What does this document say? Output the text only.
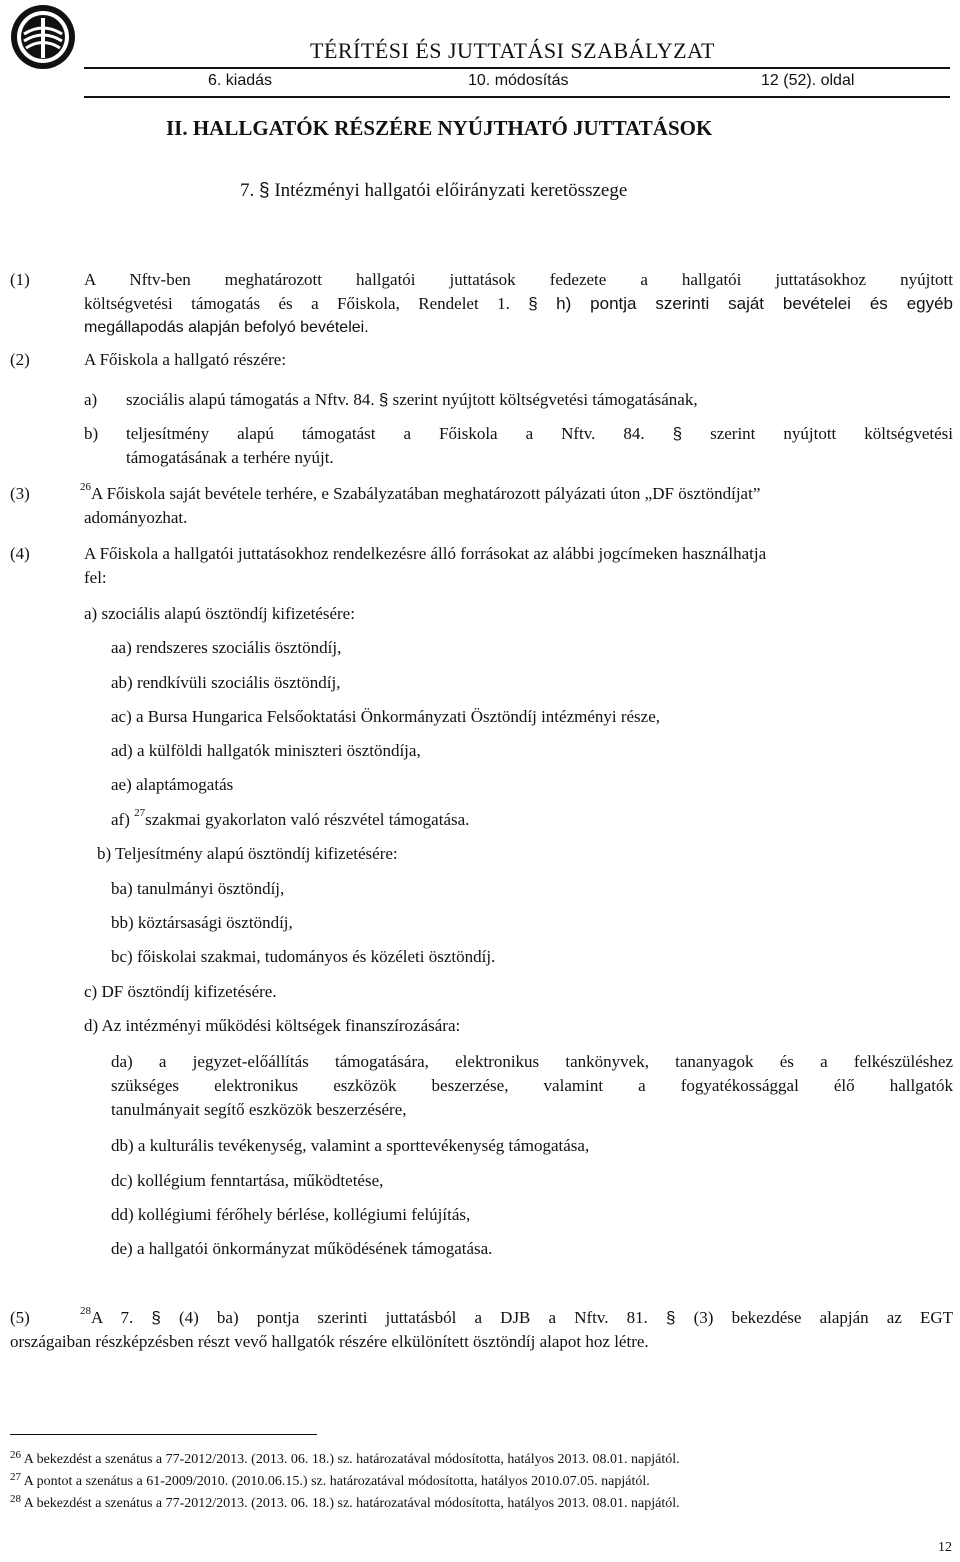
TÉRÍTÉSI ÉS JUTTATÁSI SZABÁLYZAT
6. kiadás	10. módosítás	12 (52). oldal
II. HALLGATÓK RÉSZÉRE NYÚJTHATÓ JUTTATÁSOK
7. § Intézményi hallgatói előirányzati keretösszege
(1)	A Nftv-ben meghatározott hallgatói juttatások fedezete a hallgatói juttatásokhoz nyújtott
költségvetési támogatás és a Főiskola, Rendelet 1. § h) pontja szerinti saját bevételei és egyéb
megállapodás alapján befolyó bevételei.
(2)	A Főiskola a hallgató részére:
a) szociális alapú támogatás a Nftv. 84. § szerint nyújtott költségvetési támogatásának,
b) teljesítmény alapú támogatást a Főiskola a Nftv. 84. § szerint nyújtott költségvetési
támogatásának a terhére nyújt.
(3)	$^{26}$A Főiskola saját bevétele terhére, e Szabályzatában meghatározott pályázati úton „DF ösztöndíjat”
adományozhat.
(4)	A Főiskola a hallgatói juttatásokhoz rendelkezésre álló forrásokat az alábbi jogcímeken használhatja
fel:
a) szociális alapú ösztöndíj kifizetésére:
aa) rendszeres szociális ösztöndíj,
ab) rendkívüli szociális ösztöndíj,
ac) a Bursa Hungarica Felsőoktatási Önkormányzati Ösztöndíj intézményi része,
ad) a külföldi hallgatók miniszteri ösztöndíja,
ae) alaptámogatás
af) $^{27}$szakmai gyakorlaton való részvétel támogatása.
b) Teljesítmény alapú ösztöndíj kifizetésére:
ba) tanulmányi ösztöndíj,
bb) köztársasági ösztöndíj,
bc) főiskolai szakmai, tudományos és közéleti ösztöndíj.
c) DF ösztöndíj kifizetésére.
d) Az intézményi működési költségek finanszírozására:
da) a jegyzet-előállítás támogatására, elektronikus tankönyvek, tananyagok és a felkészüléshez
szükséges elektronikus eszközök beszerzése, valamint a fogyatékossággal élő hallgatók
tanulmányait segítő eszközök beszerzésére,
db) a kulturális tevékenység, valamint a sporttevékenység támogatása,
dc) kollégium fenntartása, működtetése,
dd) kollégiumi férőhely bérlése, kollégiumi felújítás,
de) a hallgatói önkormányzat működésének támogatása.
(5)	$^{28}$A 7. § (4) ba) pontja szerinti juttatásból a DJB a Nftv. 81. § (3) bekezdése alapján az EGT
országaiban részképzésben részt vevő hallgatók részére elkülönített ösztöndíj alapot hoz létre.
$^{26}$ A bekezdést a szenátus a 77-2012/2013. (2013. 06. 18.) sz. határozatával módosította, hatályos 2013. 08.01. napjától.
$^{27}$ A pontot a szenátus a 61-2009/2010. (2010.06.15.) sz. határozatával módosította, hatályos 2010.07.05. napjától.
$^{28}$ A bekezdést a szenátus a 77-2012/2013. (2013. 06. 18.) sz. határozatával módosította, hatályos 2013. 08.01. napjától.
12
